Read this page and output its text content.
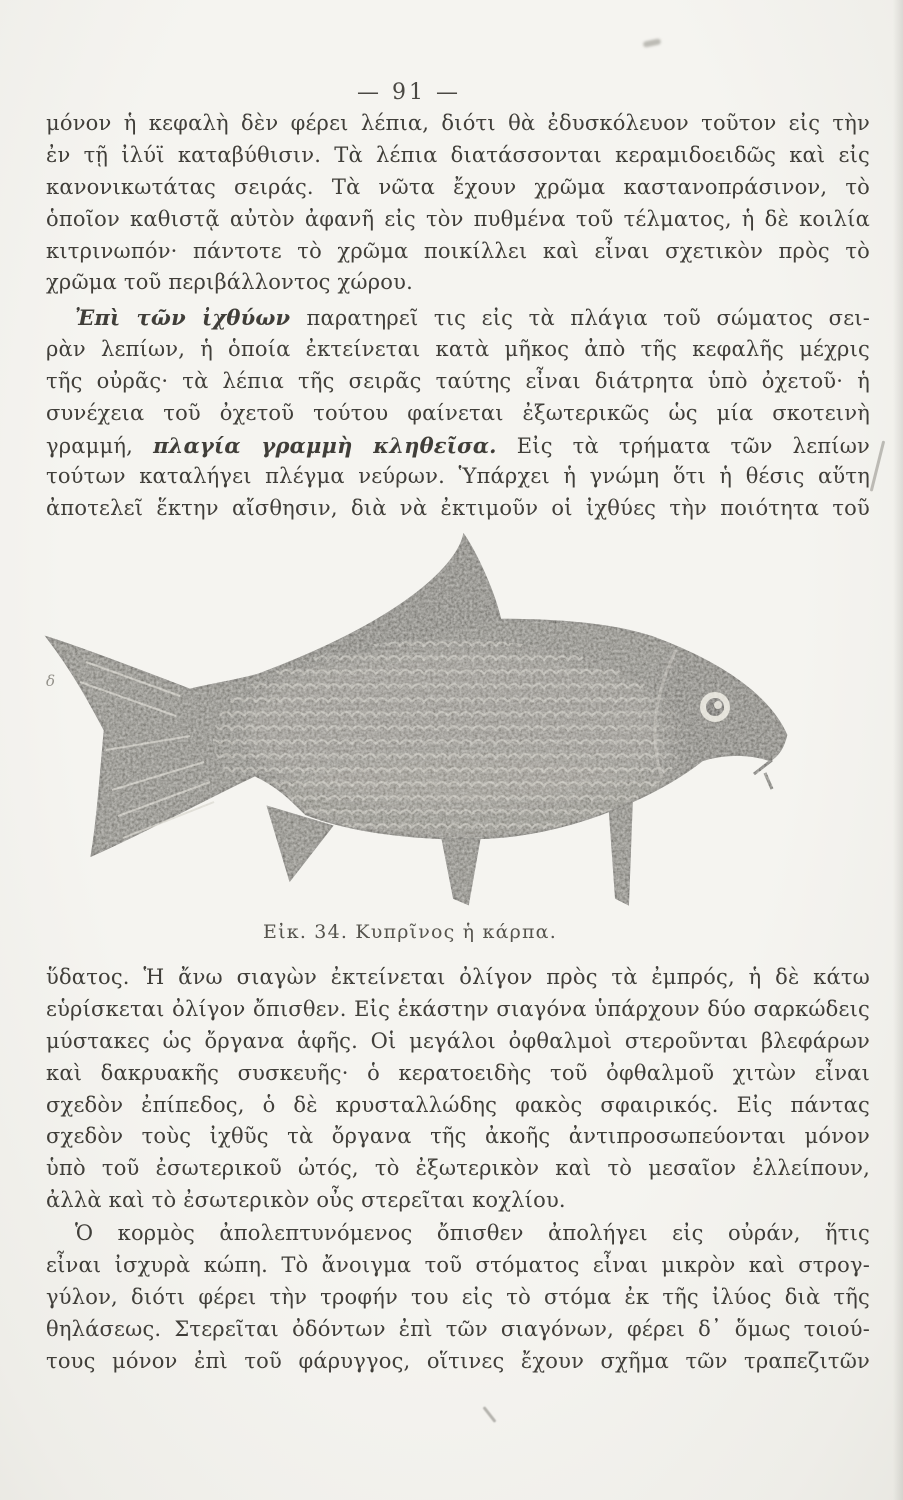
— 91 —
μόνον ἡ κεφαλὴ δὲν φέρει λέπια, διότι θὰ ἐδυσκόλευον τοῦτον εἰς τὴν
ἐν τῇ ἰλύϊ καταβύθισιν. Τὰ λέπια διατάσσονται κεραμιδοειδῶς καὶ εἰς
κανονικωτάτας σειράς. Τὰ νῶτα ἔχουν χρῶμα καστανοπράσινον, τὸ
ὁποῖον καθιστᾷ αὐτὸν ἀφανῆ εἰς τὸν πυθμένα τοῦ τέλματος, ἡ δὲ κοιλία
κιτρινωπόν· πάντοτε τὸ χρῶμα ποικίλλει καὶ εἶναι σχετικὸν πρὸς τὸ
χρῶμα τοῦ περιβάλλοντος χώρου.
Ἐπὶ τῶν ἰχθύων παρατηρεῖ τις εἰς τὰ πλάγια τοῦ σώματος σει-
ρὰν λεπίων, ἡ ὁποία ἐκτείνεται κατὰ μῆκος ἀπὸ τῆς κεφαλῆς μέχρις
τῆς οὐρᾶς· τὰ λέπια τῆς σειρᾶς ταύτης εἶναι διάτρητα ὑπὸ ὀχετοῦ· ἡ
συνέχεια τοῦ ὀχετοῦ τούτου φαίνεται ἐξωτερικῶς ὡς μία σκοτεινὴ
γραμμή, πλαγία γραμμὴ κληθεῖσα. Εἰς τὰ τρήματα τῶν λεπίων
τούτων καταλήγει πλέγμα νεύρων. Ὑπάρχει ἡ γνώμη ὅτι ἡ θέσις αὕτη
ἀποτελεῖ ἕκτην αἴσθησιν, διὰ νὰ ἐκτιμοῦν οἱ ἰχθύες τὴν ποιότητα τοῦ
δ
Εἰκ. 34. Κυπρῖνος ἡ κάρπα.
ὕδατος. Ἡ ἄνω σιαγὼν ἐκτείνεται ὀλίγον πρὸς τὰ ἐμπρός, ἡ δὲ κάτω
εὑρίσκεται ὀλίγον ὄπισθεν. Εἰς ἑκάστην σιαγόνα ὑπάρχουν δύο σαρκώδεις
μύστακες ὡς ὄργανα ἁφῆς. Οἱ μεγάλοι ὀφθαλμοὶ στεροῦνται βλεφάρων
καὶ δακρυακῆς συσκευῆς· ὁ κερατοειδὴς τοῦ ὀφθαλμοῦ χιτὼν εἶναι
σχεδὸν ἐπίπεδος, ὁ δὲ κρυσταλλώδης φακὸς σφαιρικός. Εἰς πάντας
σχεδὸν τοὺς ἰχθῦς τὰ ὄργανα τῆς ἀκοῆς ἀντιπροσωπεύονται μόνον
ὑπὸ τοῦ ἐσωτερικοῦ ὠτός, τὸ ἐξωτερικὸν καὶ τὸ μεσαῖον ἐλλείπουν,
ἀλλὰ καὶ τὸ ἐσωτερικὸν οὖς στερεῖται κοχλίου.
Ὁ κορμὸς ἀπολεπτυνόμενος ὄπισθεν ἀπολήγει εἰς οὐράν, ἥτις
εἶναι ἰσχυρὰ κώπη. Τὸ ἄνοιγμα τοῦ στόματος εἶναι μικρὸν καὶ στρογ-
γύλον, διότι φέρει τὴν τροφήν του εἰς τὸ στόμα ἐκ τῆς ἰλύος διὰ τῆς
θηλάσεως. Στερεῖται ὀδόντων ἐπὶ τῶν σιαγόνων, φέρει δ᾽ ὅμως τοιού-
τους μόνον ἐπὶ τοῦ φάρυγγος, οἵτινες ἔχουν σχῆμα τῶν τραπεζιτῶν
